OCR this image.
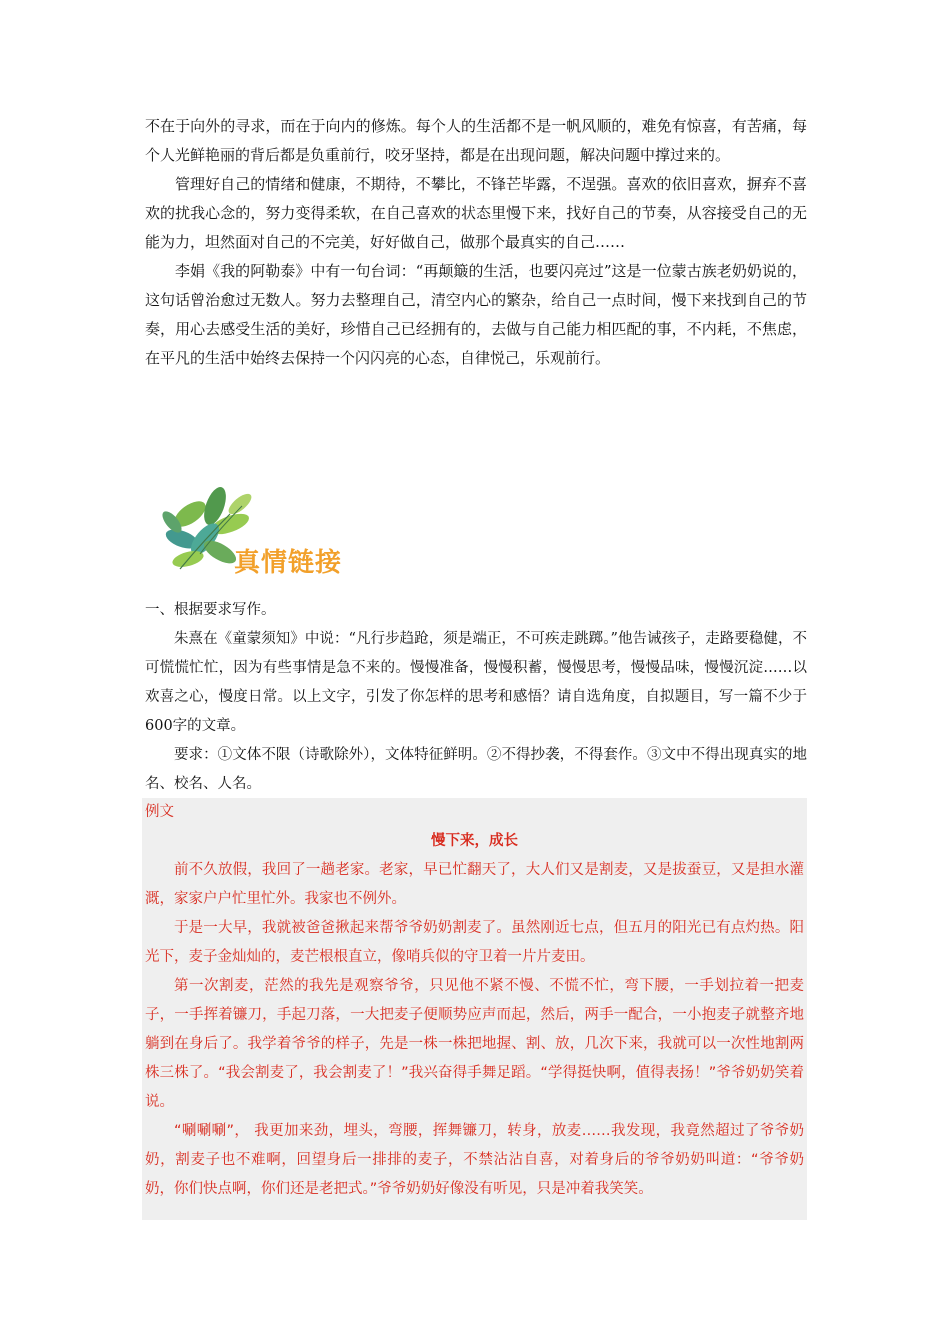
不在于向外的寻求，而在于向内的修炼。每个人的生活都不是一帆风顺的，难免有惊喜，有苦痛，每个人光鲜艳丽的背后都是负重前行，咬牙坚持，都是在出现问题，解决问题中撑过来的。

管理好自己的情绪和健康，不期待，不攀比，不锋芒毕露，不逞强。喜欢的依旧喜欢，摒弃不喜欢的扰我心念的，努力变得柔软，在自己喜欢的状态里慢下来，找好自己的节奏，从容接受自己的无能为力，坦然面对自己的不完美，好好做自己，做那个最真实的自己……

李娟《我的阿勒泰》中有一句台词：“再颠簸的生活，也要闪亮过”这是一位蒙古族老奶奶说的，这句话曾治愈过无数人。努力去整理自己，清空内心的繁杂，给自己一点时间，慢下来找到自己的节奏，用心去感受生活的美好，珍惜自己已经拥有的，去做与自己能力相匹配的事，不内耗，不焦虑，在平凡的生活中始终去保持一个闪闪亮的心态，自律悦己，乐观前行。

真情链接

一、根据要求写作。

朱熹在《童蒙须知》中说：“凡行步趋跄，须是端正，不可疾走跳踯。”他告诫孩子，走路要稳健，不可慌慌忙忙，因为有些事情是急不来的。慢慢准备，慢慢积蓄，慢慢思考，慢慢品味，慢慢沉淀……以欢喜之心，慢度日常。以上文字，引发了你怎样的思考和感悟？请自选角度，自拟题目，写一篇不少于600字的文章。

要求：①文体不限（诗歌除外），文体特征鲜明。②不得抄袭，不得套作。③文中不得出现真实的地名、校名、人名。

例文

慢下来，成长

前不久放假，我回了一趟老家。老家，早已忙翻天了，大人们又是割麦，又是拔蚕豆，又是担水灌溉，家家户户忙里忙外。我家也不例外。

于是一大早，我就被爸爸揪起来帮爷爷奶奶割麦了。虽然刚近七点，但五月的阳光已有点灼热。阳光下，麦子金灿灿的，麦芒根根直立，像哨兵似的守卫着一片片麦田。

第一次割麦，茫然的我先是观察爷爷，只见他不紧不慢、不慌不忙，弯下腰，一手划拉着一把麦子，一手挥着镰刀，手起刀落，一大把麦子便顺势应声而起，然后，两手一配合，一小抱麦子就整齐地躺到在身后了。我学着爷爷的样子，先是一株一株把地握、割、放，几次下来，我就可以一次性地割两株三株了。“我会割麦了，我会割麦了！”我兴奋得手舞足蹈。“学得挺快啊，值得表扬！”爷爷奶奶笑着说。

“唰唰唰”， 我更加来劲，埋头，弯腰，挥舞镰刀，转身，放麦……我发现，我竟然超过了爷爷奶奶，割麦子也不难啊，回望身后一排排的麦子，不禁沾沾自喜，对着身后的爷爷奶奶叫道：“爷爷奶奶，你们快点啊，你们还是老把式。”爷爷奶奶好像没有听见，只是冲着我笑笑。
